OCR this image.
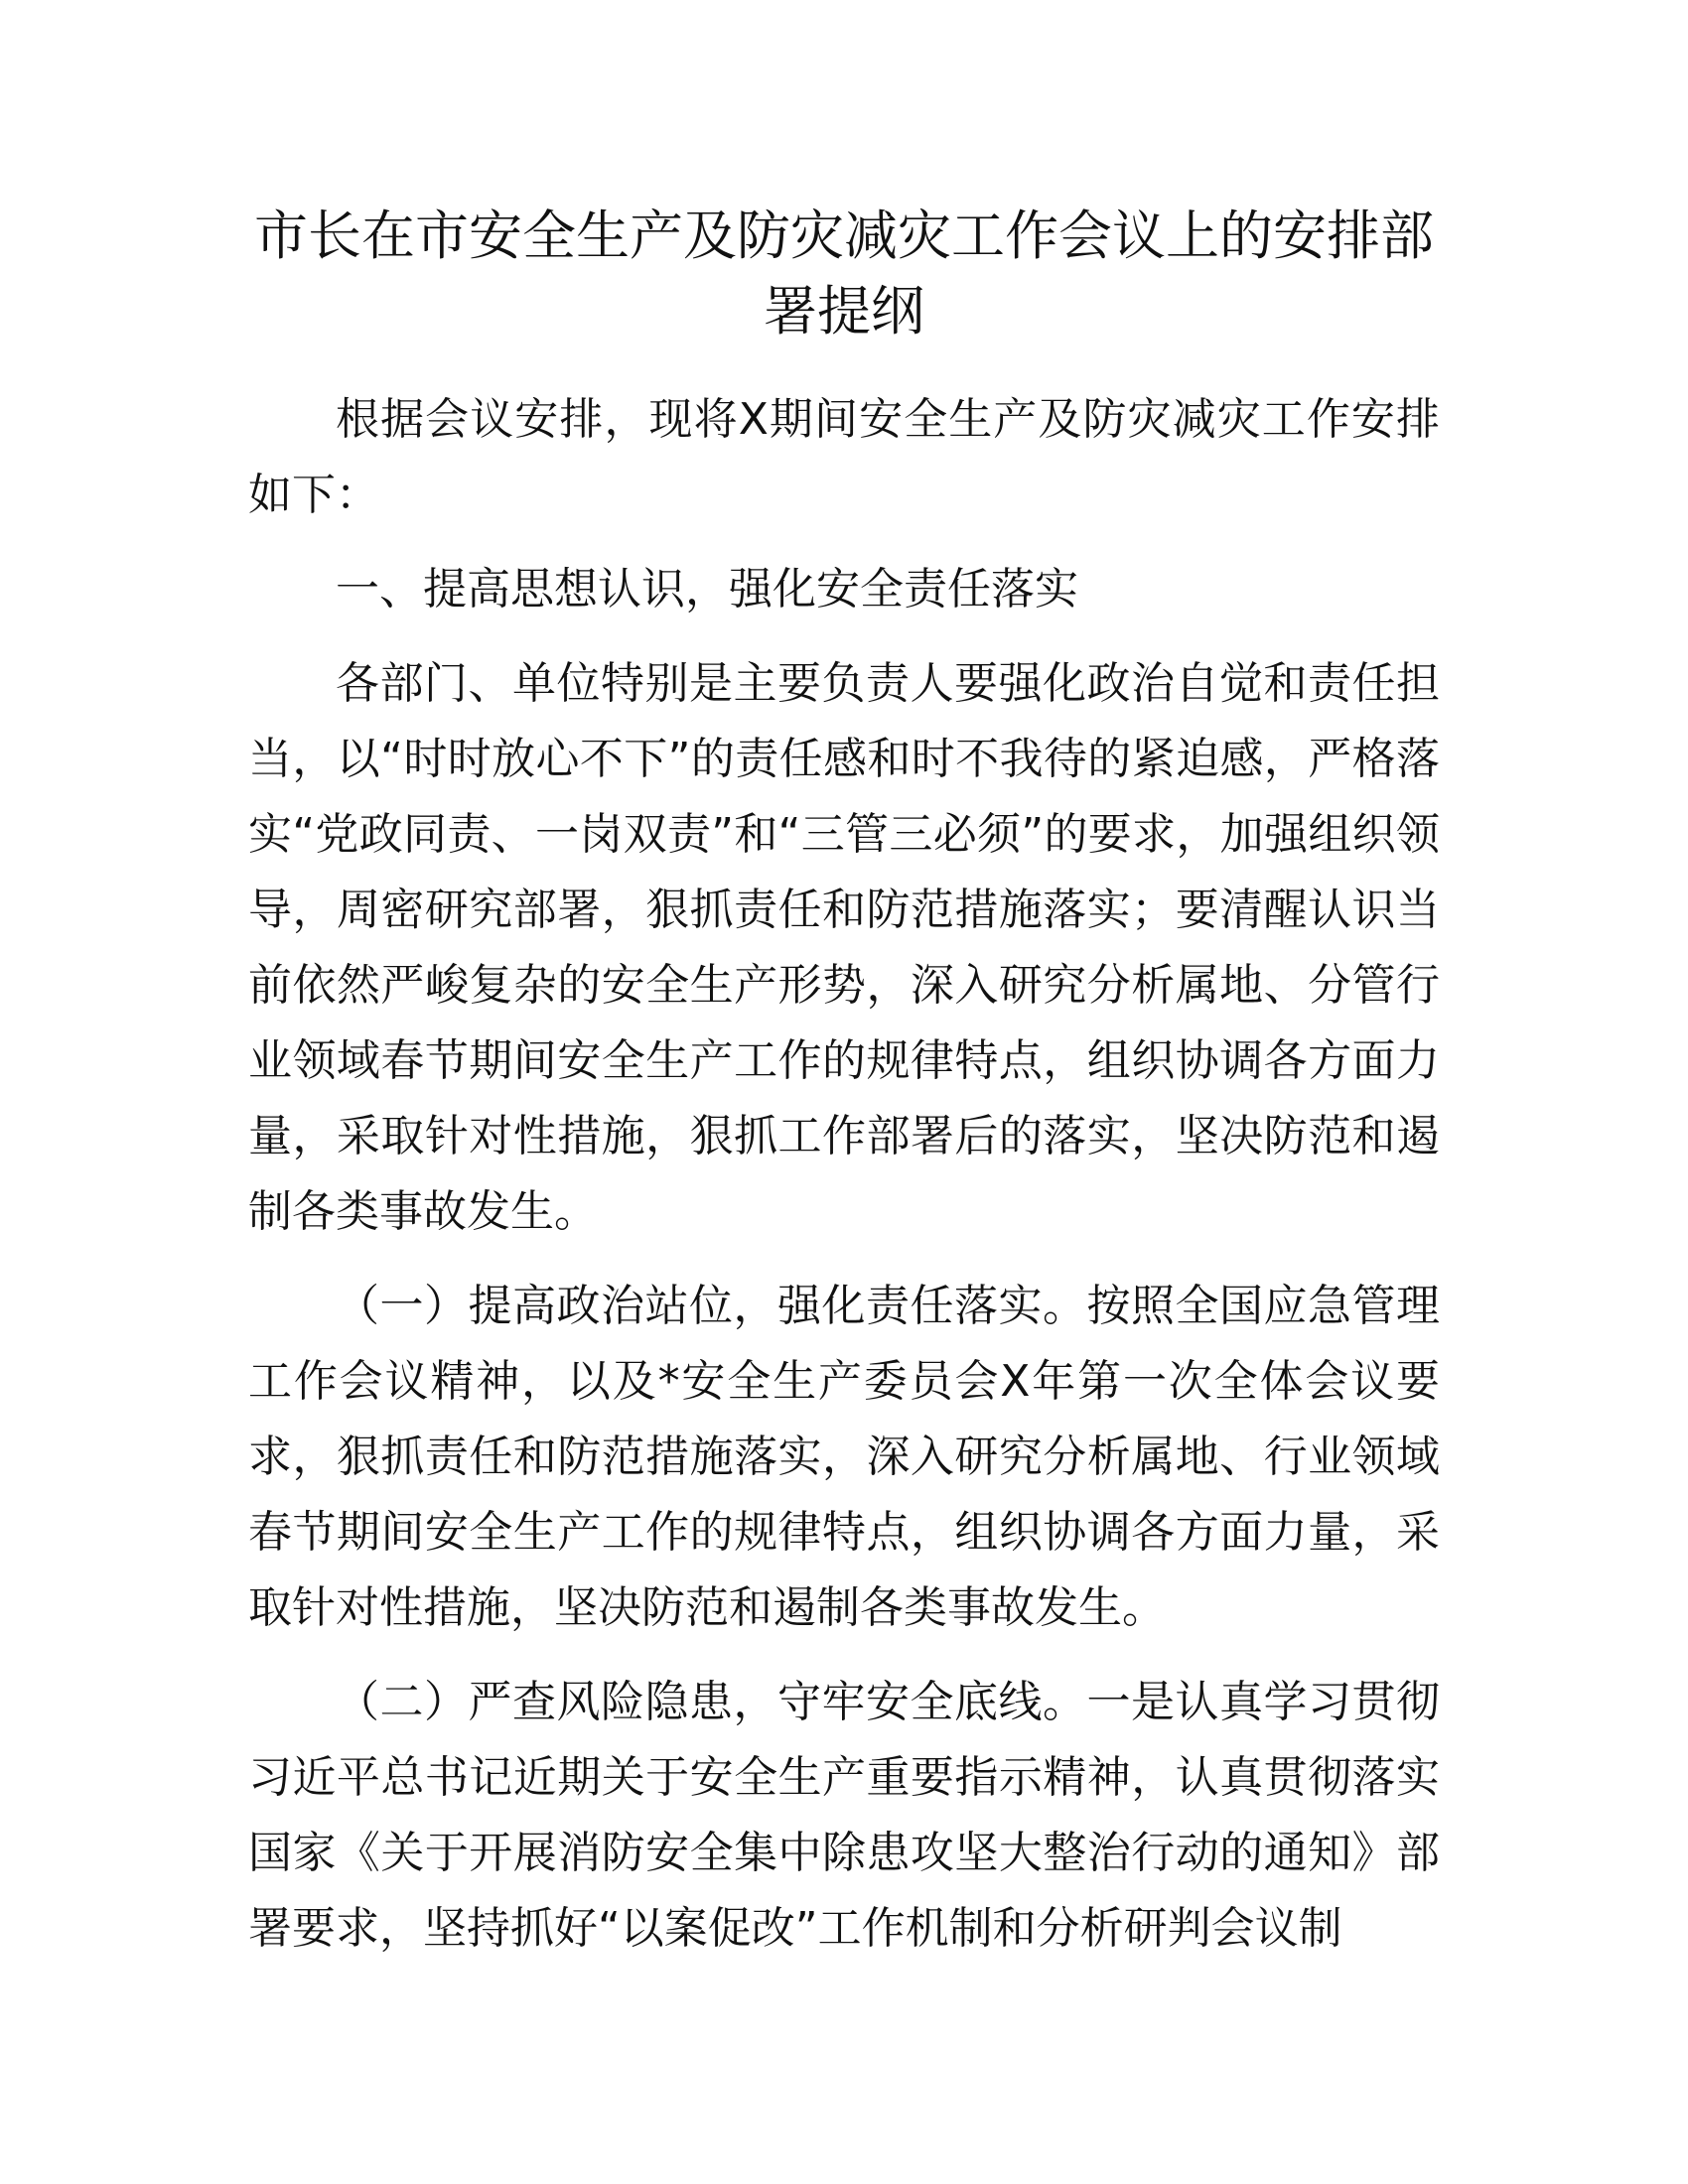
市长在市安全生产及防灾减灾工作会议上的安排部署提纲

根据会议安排，现将X期间安全生产及防灾减灾工作安排如下：

一、提高思想认识，强化安全责任落实

各部门、单位特别是主要负责人要强化政治自觉和责任担当，以“时时放心不下”的责任感和时不我待的紧迫感，严格落实“党政同责、一岗双责”和“三管三必须”的要求，加强组织领导，周密研究部署，狠抓责任和防范措施落实；要清醒认识当前依然严峻复杂的安全生产形势，深入研究分析属地、分管行业领域春节期间安全生产工作的规律特点，组织协调各方面力量，采取针对性措施，狠抓工作部署后的落实，坚决防范和遏制各类事故发生。

（一）提高政治站位，强化责任落实。按照全国应急管理工作会议精神，以及*安全生产委员会X年第一次全体会议要求，狠抓责任和防范措施落实，深入研究分析属地、行业领域春节期间安全生产工作的规律特点，组织协调各方面力量，采取针对性措施，坚决防范和遏制各类事故发生。

（二）严查风险隐患，守牢安全底线。一是认真学习贯彻习近平总书记近期关于安全生产重要指示精神，认真贯彻落实国家《关于开展消防安全集中除患攻坚大整治行动的通知》部署要求，坚持抓好“以案促改”工作机制和分析研判会议制
